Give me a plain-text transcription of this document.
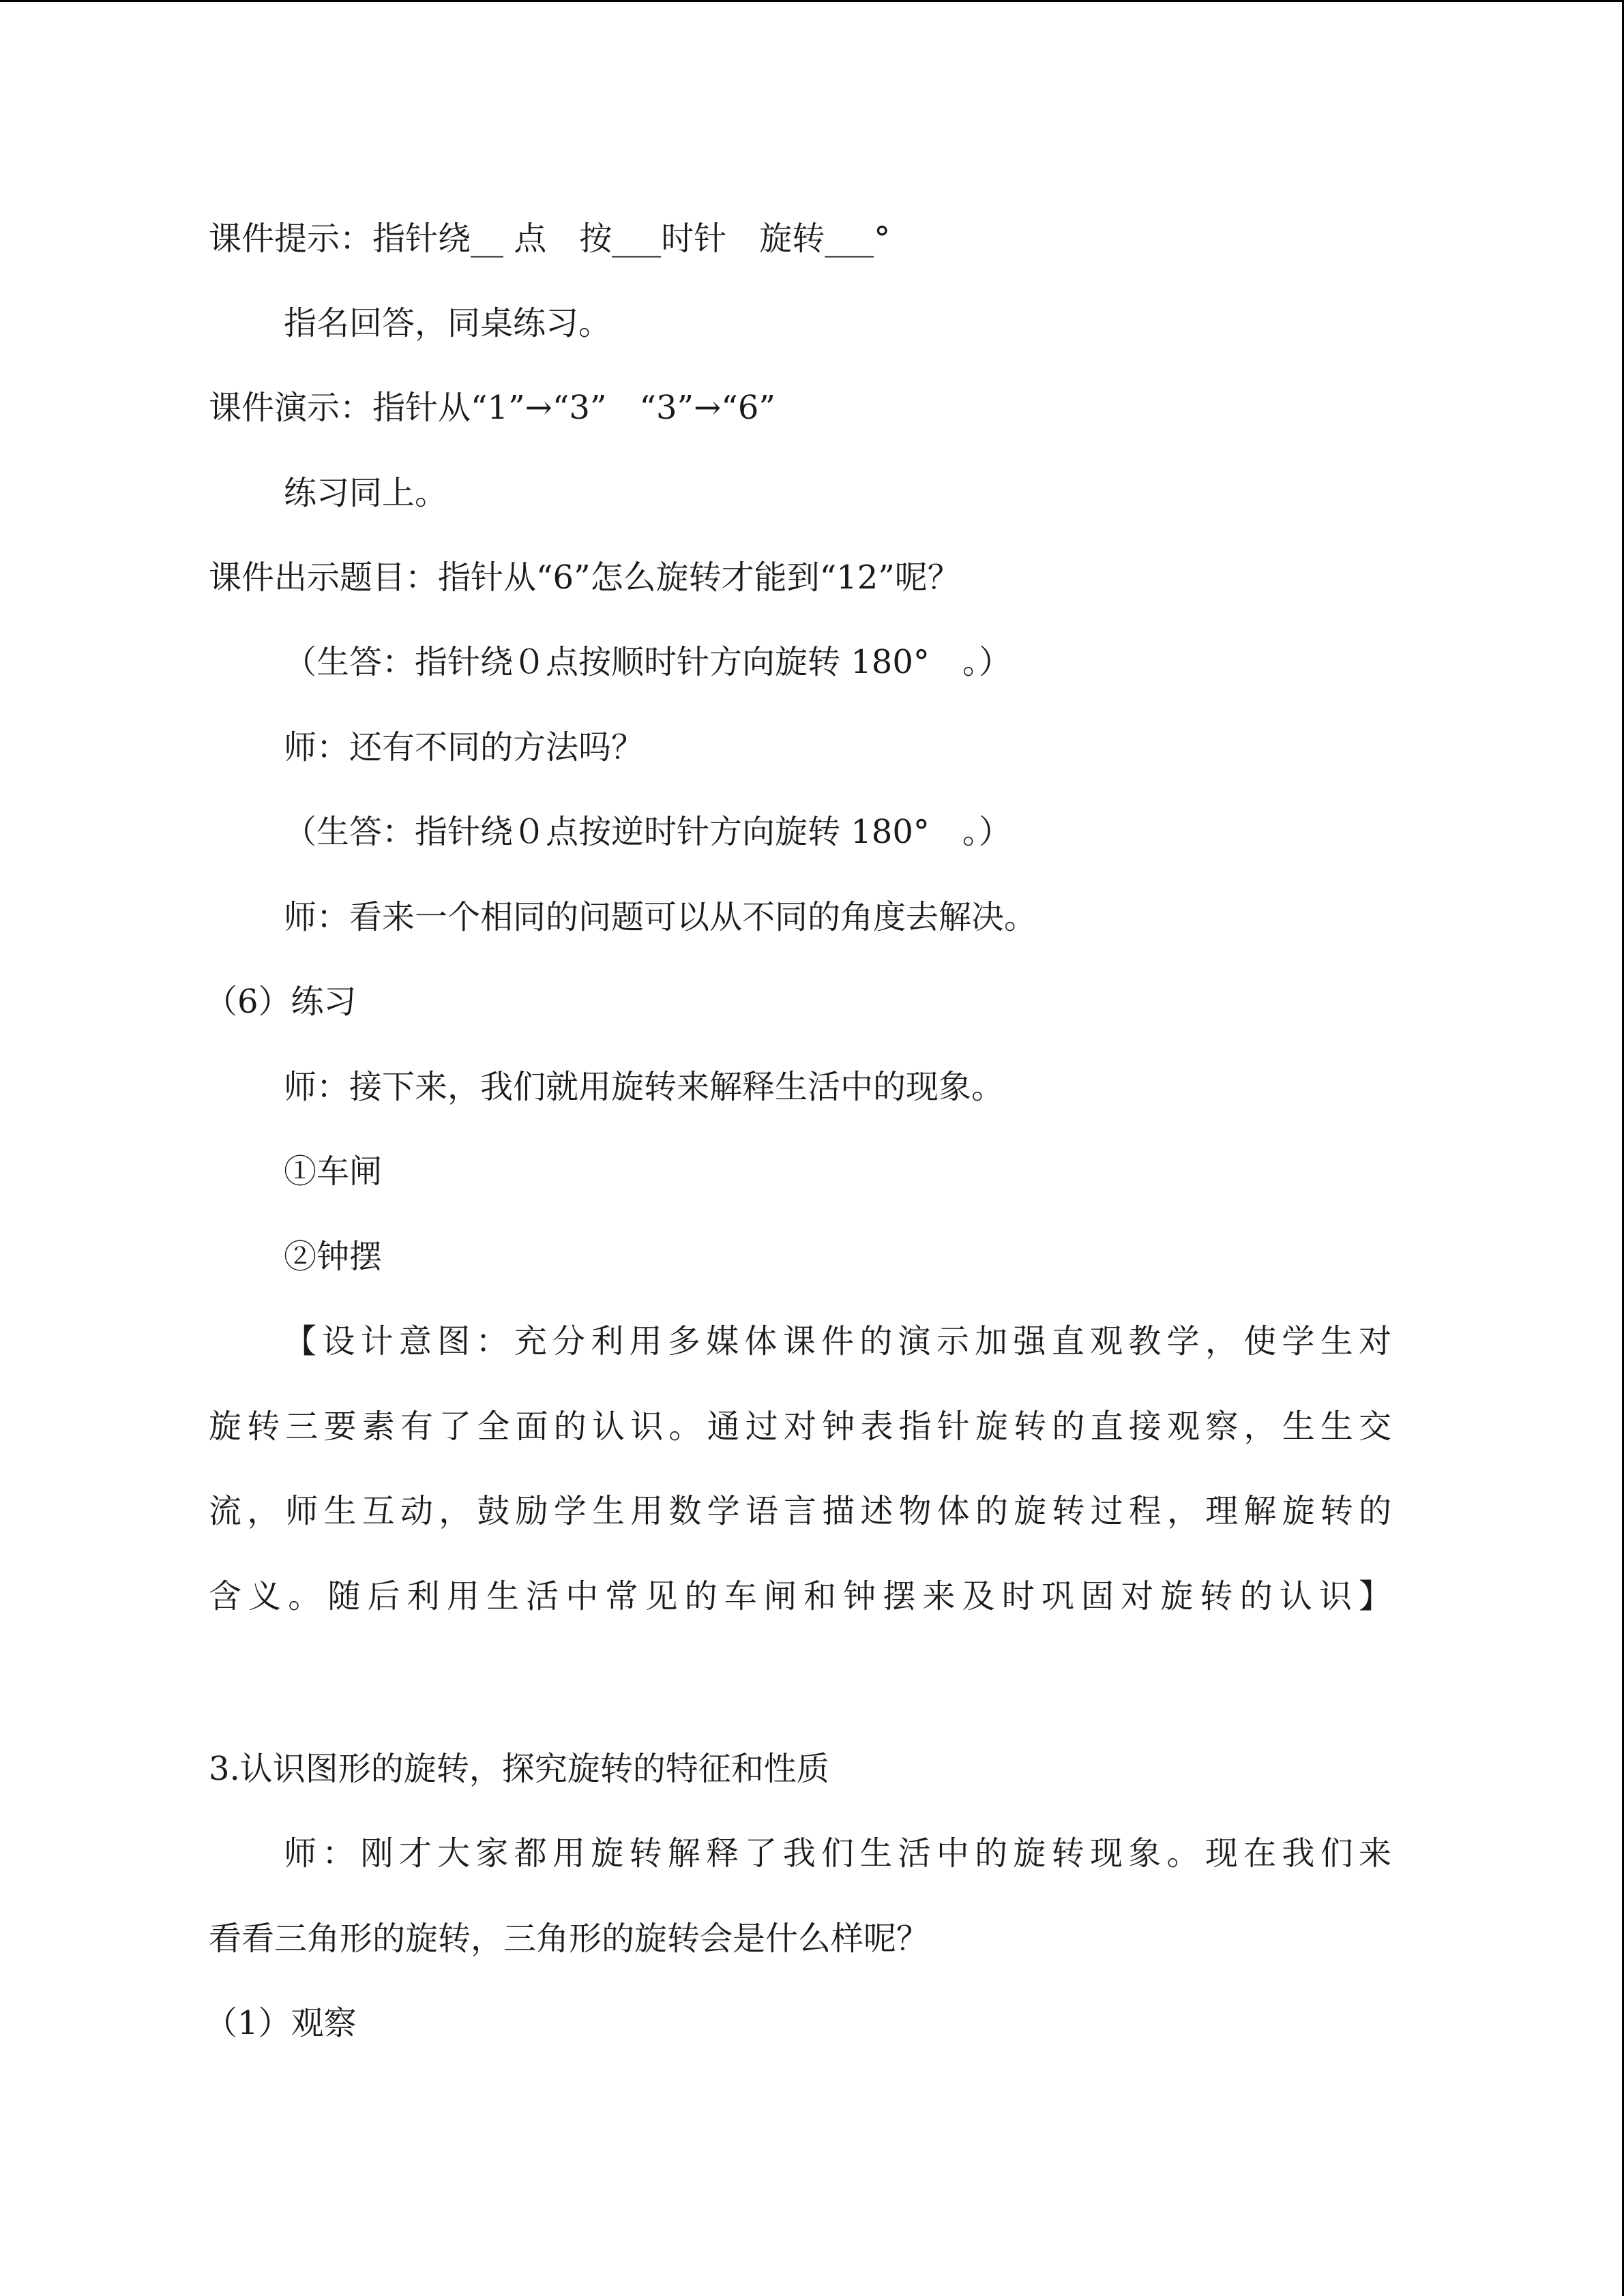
课件提示：指针绕__ 点　按___时针　旋转___°

指名回答，同桌练习。

课件演示：指针从“1”→“3”　“3”→“6”

练习同上。

课件出示题目：指针从“6”怎么旋转才能到“12”呢？

（生答：指针绕０点按顺时针方向旋转 180°　。）

师：还有不同的方法吗？

（生答：指针绕０点按逆时针方向旋转 180°　。）

师：看来一个相同的问题可以从不同的角度去解决。

（6）练习

师：接下来，我们就用旋转来解释生活中的现象。

①车闸

②钟摆

【设计意图：充分利用多媒体课件的演示加强直观教学，使学生对

旋转三要素有了全面的认识。通过对钟表指针旋转的直接观察，生生交

流，师生互动，鼓励学生用数学语言描述物体的旋转过程，理解旋转的

含义。随后利用生活中常见的车闸和钟摆来及时巩固对旋转的认识】

3.认识图形的旋转，探究旋转的特征和性质

师：刚才大家都用旋转解释了我们生活中的旋转现象。现在我们来

看看三角形的旋转，三角形的旋转会是什么样呢？

（1）观察
